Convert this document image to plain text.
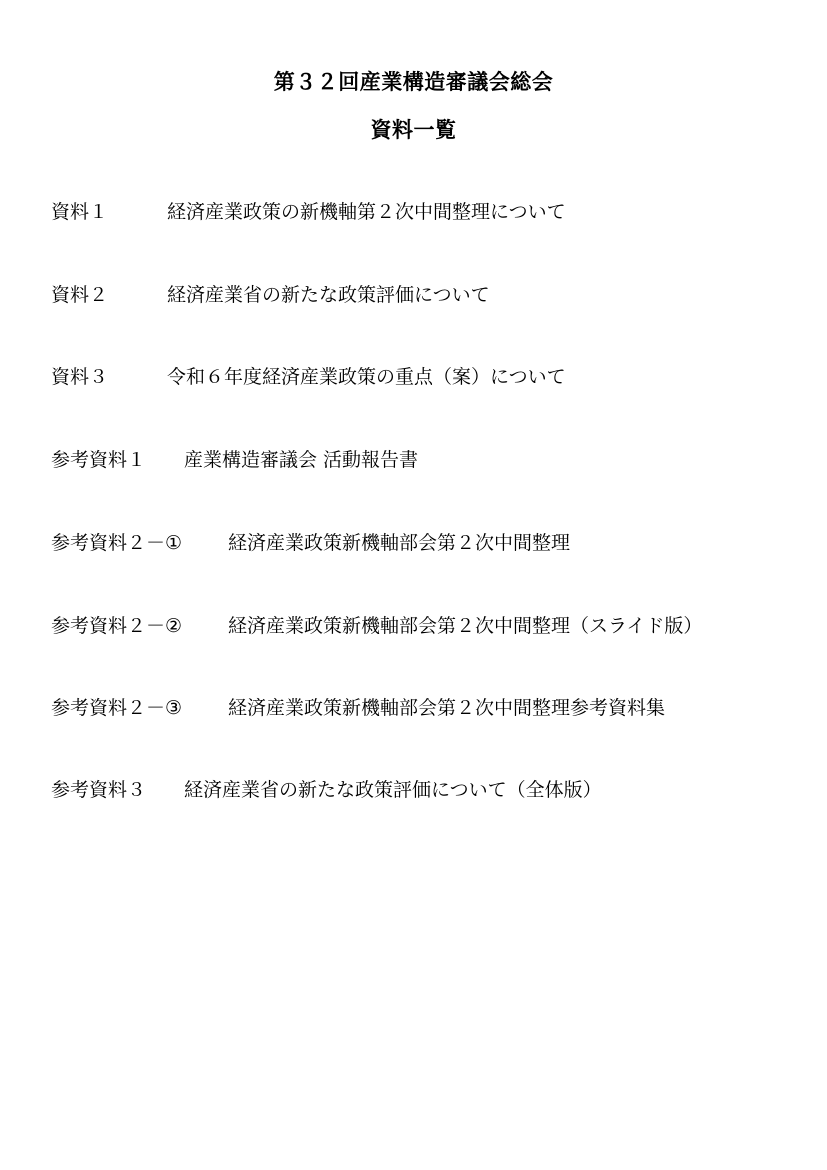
第３２回産業構造審議会総会
資料一覧
資料１	経済産業政策の新機軸第２次中間整理について
資料２	経済産業省の新たな政策評価について
資料３	令和６年度経済産業政策の重点（案）について
参考資料１ 産業構造審議会 活動報告書
参考資料２－① 経済産業政策新機軸部会第２次中間整理
参考資料２－② 経済産業政策新機軸部会第２次中間整理（スライド版）
参考資料２－③ 経済産業政策新機軸部会第２次中間整理参考資料集
参考資料３ 経済産業省の新たな政策評価について（全体版）
